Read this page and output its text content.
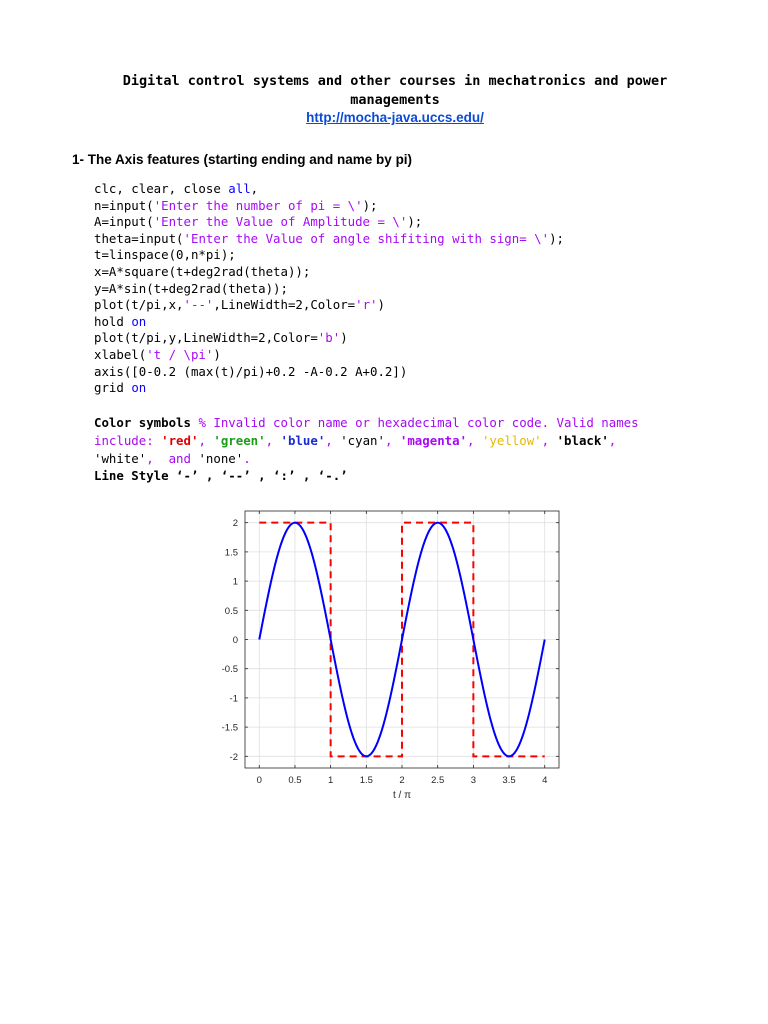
Digital control systems and other courses in mechatronics and power managements
http://mocha-java.uccs.edu/
1- The Axis features (starting ending and name by pi)
clc, clear, close all,
n=input('Enter the number of pi = \');
A=input('Enter the Value of Amplitude = \');
theta=input('Enter the Value of angle shifiting with sign= \');
t=linspace(0,n*pi);
x=A*square(t+deg2rad(theta));
y=A*sin(t+deg2rad(theta));
plot(t/pi,x,'--',LineWidth=2,Color='r')
hold on
plot(t/pi,y,LineWidth=2,Color='b')
xlabel('t / \pi')
axis([0-0.2 (max(t)/pi)+0.2 -A-0.2 A+0.2])
grid on
Color symbols % Invalid color name or hexadecimal color code. Valid names
include: 'red', 'green', 'blue', 'cyan', 'magenta', 'yellow', 'black',
'white',  and 'none'.
Line Style ‘-’ , ‘--’ , ‘:’ , ‘-.’
0	0.5	1	1.5	2	2.5	3	3.5	4
2
1.5
1
0.5
0
-0.5
-1
-1.5
-2
t / π
